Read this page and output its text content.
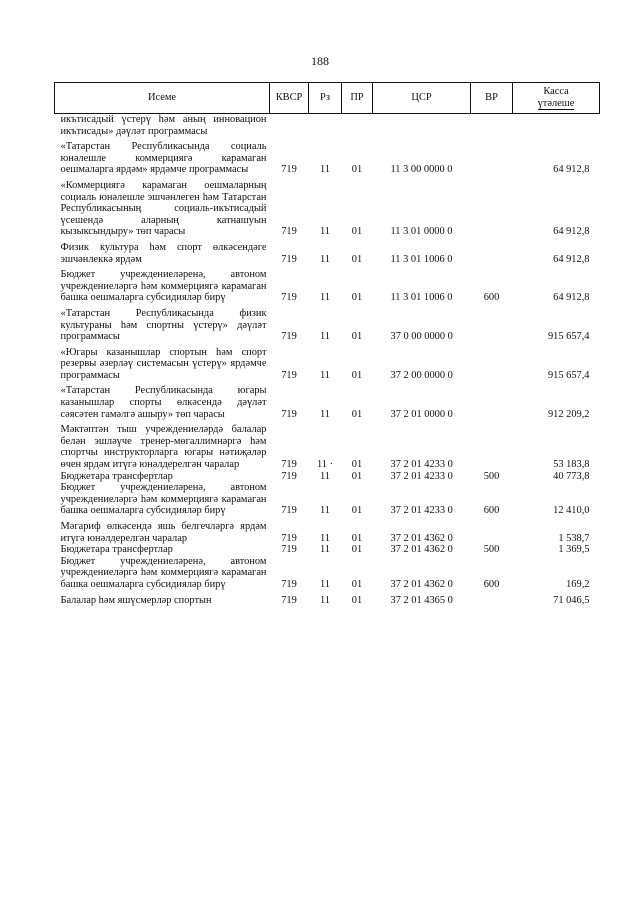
188
Исеме	КВСР	Рз	ПР	ЦСР	ВР	Касса
үтәлеше

икътисадый үстерү һәм аның инновацион икътисады» дәүләт программасы						
«Татарстан Республикасында социаль юнәлешле коммерциягә карамаган оешмаларга ярдәм» ярдәмче программасы	719	11	01	11 3 00 0000 0		64 912,8
«Коммерциягә карамаган оешмаларның социаль юнәлешле эшчәнлеген һәм Татарстан Республикасының социаль-икътисадый үсешендә аларның катнашуын кызыксындыру» төп чарасы	719	11	01	11 3 01 0000 0		64 912,8
Физик культура һәм спорт өлкәсендәге эшчәнлеккә ярдәм	719	11	01	11 3 01 1006 0		64 912,8
Бюджет учреждениеләренә, автоном учреждениеләргә һәм коммерциягә карамаган башка оешмаларга субсидияләр бирү	719	11	01	11 3 01 1006 0	600	64 912,8
«Татарстан Республикасында физик культураны һәм спортны үстерү» дәүләт программасы	719	11	01	37 0 00 0000 0		915 657,4
«Югары казанышлар спортын һәм спорт резервы әзерләү системасын үстерү» ярдәмче программасы	719	11	01	37 2 00 0000 0		915 657,4
«Татарстан Республикасында югары казанышлар спорты өлкәсендә дәүләт сәясәтен гамәлгә ашыру» төп чарасы	719	11	01	37 2 01 0000 0		912 209,2
Мәктәптән тыш учреждениеләрдә балалар белән эшләүче тренер-мөгаллимнәргә һәм спортчы инструкторларга югары нәтиҗәләр өчен ярдәм итүгә юнәлдерелгән чаралар	719	11 ·	01	37 2 01 4233 0		53 183,8
Бюджетара трансфертлар	719	11	01	37 2 01 4233 0	500	40 773,8
Бюджет учреждениеләренә, автоном учреждениеләргә һәм коммерциягә карамаган башка оешмаларга субсидияләр бирү	719	11	01	37 2 01 4233 0	600	12 410,0
Мәгариф өлкәсендә яшь белгечләргә ярдәм итүгә юнәлдерелгән чаралар	719	11	01	37 2 01 4362 0		1 538,7
Бюджетара трансфертлар	719	11	01	37 2 01 4362 0	500	1 369,5
Бюджет учреждениеләренә, автоном учреждениеләргә һәм коммерциягә карамаган башка оешмаларга субсидияләр бирү	719	11	01	37 2 01 4362 0	600	169,2
Балалар һәм яшүсмерләр спортын	719	11	01	37 2 01 4365 0		71 046,5
